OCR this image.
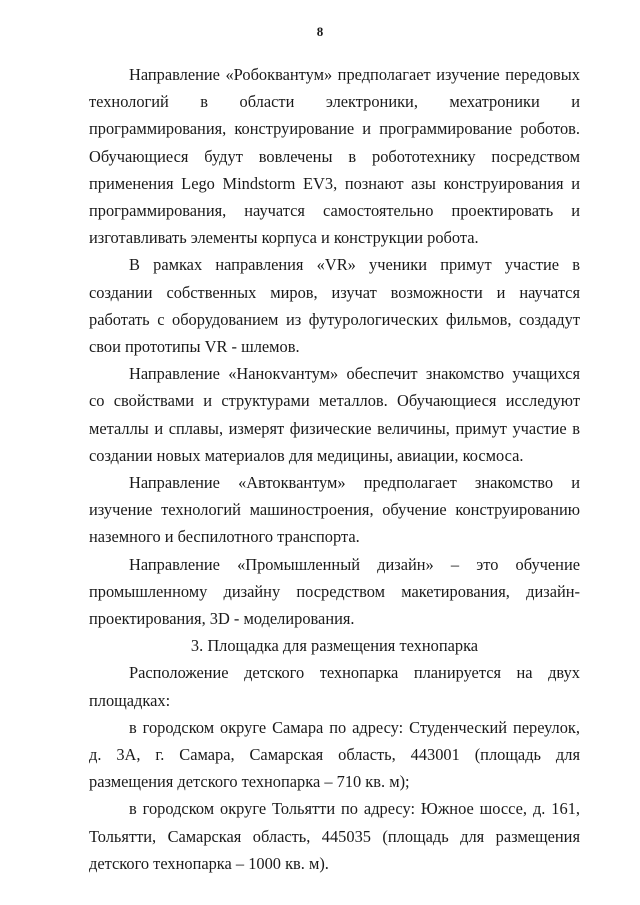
8

Направление «Робоквантум» предполагает изучение передовых технологий в области электроники, мехатроники и программирования, конструирование и программирование роботов. Обучающиеся будут вовлечены в робототехнику посредством применения Lego Mindstorm EV3, познают азы конструирования и программирования, научатся самостоятельно проектировать и изготавливать элементы корпуса и конструкции робота.

В рамках направления «VR» ученики примут участие в создании собственных миров, изучат возможности и научатся работать с оборудованием из футурологических фильмов, создадут свои прототипы VR - шлемов.

Направление «Нанокvантум» обеспечит знакомство учащихся со свойствами и структурами металлов. Обучающиеся исследуют металлы и сплавы, измерят физические величины, примут участие в создании новых материалов для медицины, авиации, космоса.

Направление «Автоквантум» предполагает знакомство и изучение технологий машиностроения, обучение конструированию наземного и беспилотного транспорта.

Направление «Промышленный дизайн» – это обучение промышленному дизайну посредством макетирования, дизайн-проектирования, 3D - моделирования.

3. Площадка для размещения технопарка

Расположение детского технопарка планируется на двух площадках:

в городском округе Самара по адресу: Студенческий переулок, д. 3А, г. Самара, Самарская область, 443001 (площадь для размещения детского технопарка – 710 кв. м);

в городском округе Тольятти по адресу: Южное шоссе, д. 161, Тольятти, Самарская область, 445035 (площадь для размещения детского технопарка – 1000 кв. м).
